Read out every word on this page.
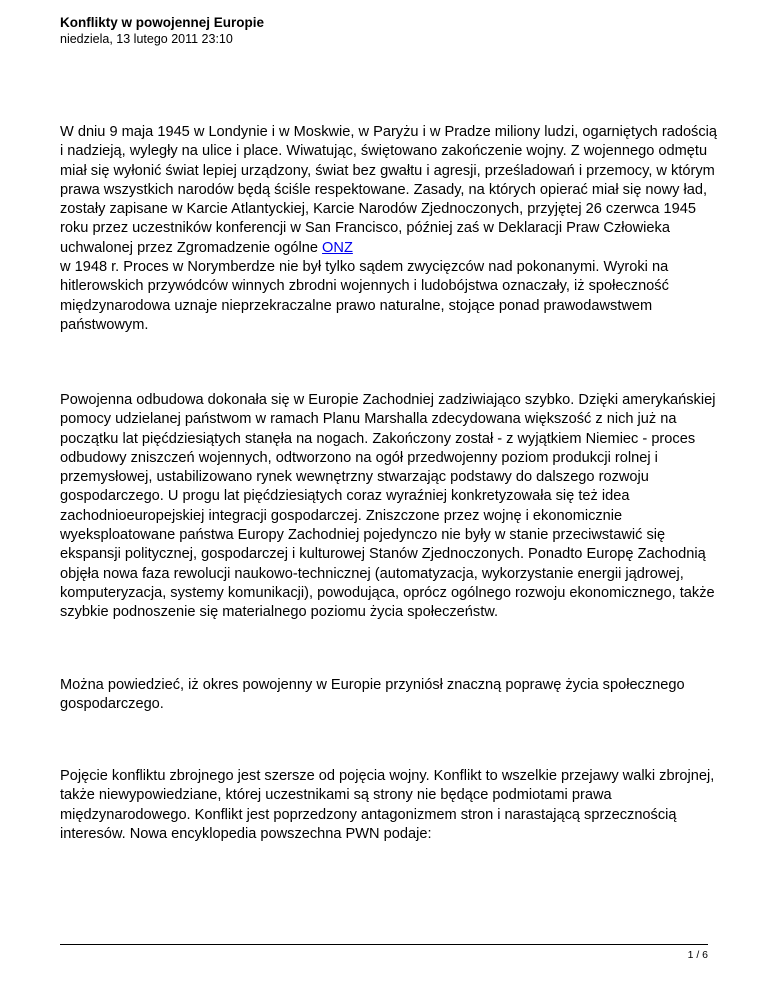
Konflikty w powojennej Europie
niedziela, 13 lutego 2011 23:10
W dniu 9 maja 1945 w Londynie i w Moskwie, w Paryżu i w Pradze miliony ludzi, ogarniętych radością i nadzieją, wyległy na ulice i place. Wiwatując, świętowano zakończenie wojny. Z wojennego odmętu miał się wyłonić świat lepiej urządzony, świat bez gwałtu i agresji, prześladowań i przemocy, w którym prawa wszystkich narodów będą ściśle respektowane. Zasady, na których opierać miał się nowy ład, zostały zapisane w Karcie Atlantyckiej, Karcie Narodów Zjednoczonych, przyjętej 26 czerwca 1945 roku przez uczestników konferencji w San Francisco, później zaś w Deklaracji Praw Człowieka uchwalonej przez Zgromadzenie ogólne ONZ
w 1948 r. Proces w Norymberdze nie był tylko sądem zwycięzców nad pokonanymi. Wyroki na hitlerowskich przywódców winnych zbrodni wojennych i ludobójstwa oznaczały, iż społeczność międzynarodowa uznaje nieprzekraczalne prawo naturalne, stojące ponad prawodawstwem państwowym.
Powojenna odbudowa dokonała się w Europie Zachodniej zadziwiająco szybko. Dzięki amerykańskiej pomocy udzielanej państwom w ramach Planu Marshalla zdecydowana większość z nich już na początku lat pięćdziesiątych stanęła na nogach. Zakończony został - z wyjątkiem Niemiec - proces odbudowy zniszczeń wojennych, odtworzono na ogół przedwojenny poziom produkcji rolnej i przemysłowej, ustabilizowano rynek wewnętrzny stwarzając podstawy do dalszego rozwoju gospodarczego. U progu lat pięćdziesiątych coraz wyraźniej konkretyzowała się też idea zachodnioeuropejskiej integracji gospodarczej. Zniszczone przez wojnę i ekonomicznie wyeksploatowane państwa Europy Zachodniej pojedynczo nie były w stanie przeciwstawić się ekspansji politycznej, gospodarczej i kulturowej Stanów Zjednoczonych. Ponadto Europę Zachodnią objęła nowa faza rewolucji naukowo-technicznej (automatyzacja, wykorzystanie energii jądrowej, komputeryzacja, systemy komunikacji), powodująca, oprócz ogólnego rozwoju ekonomicznego, także szybkie podnoszenie się materialnego poziomu życia społeczeństw.
Można powiedzieć, iż okres powojenny w Europie przyniósł znaczną poprawę życia społecznego gospodarczego.
Pojęcie konfliktu zbrojnego jest szersze od pojęcia wojny. Konflikt to wszelkie przejawy walki zbrojnej, także niewypowiedziane, której uczestnikami są strony nie będące podmiotami prawa międzynarodowego. Konflikt jest poprzedzony antagonizmem stron i narastającą sprzecznością interesów. Nowa encyklopedia powszechna PWN podaje:
1 / 6
